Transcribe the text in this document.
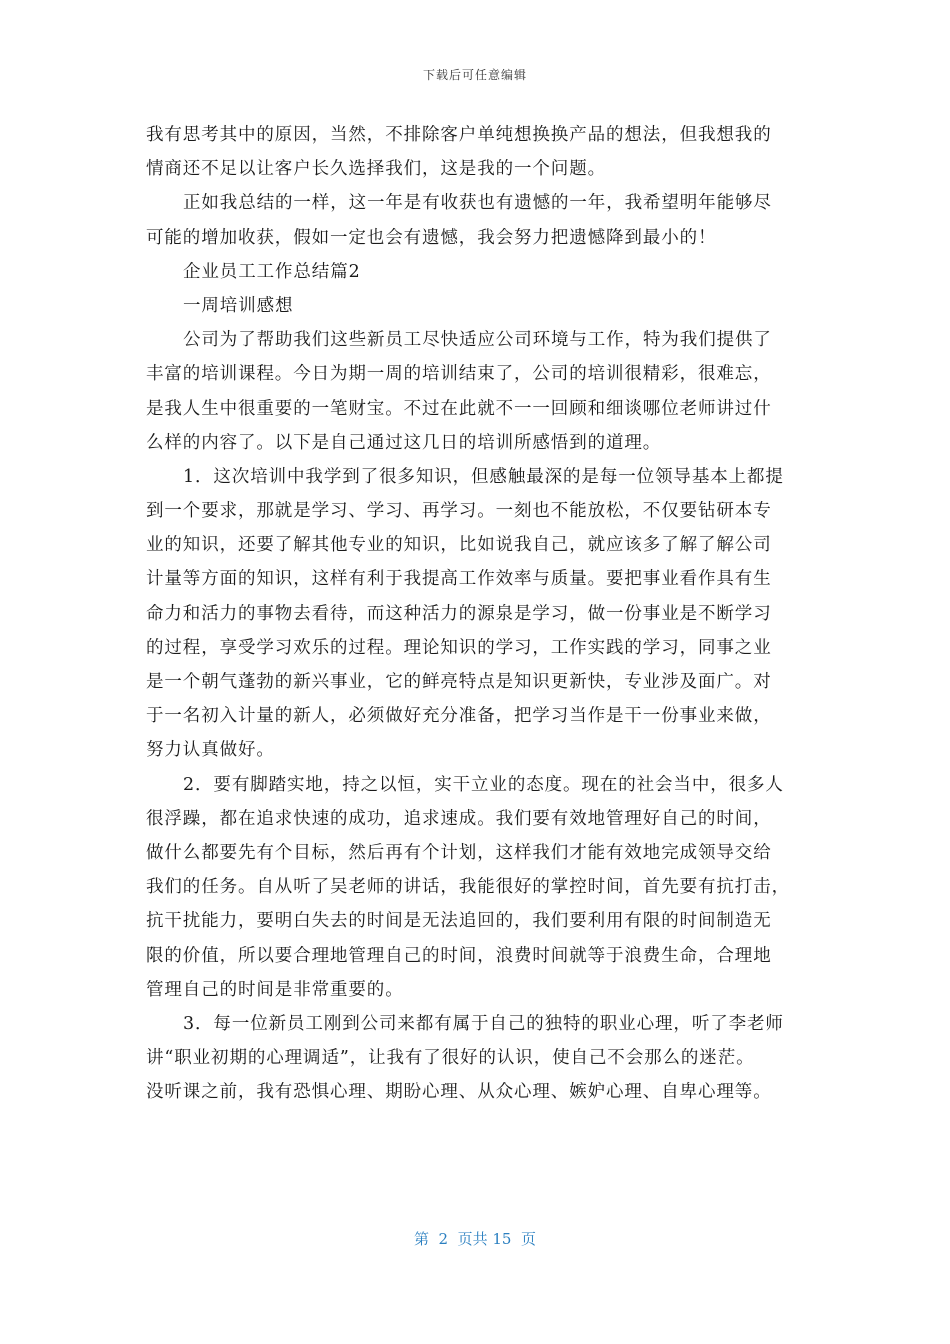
下载后可任意编辑
我有思考其中的原因，当然，不排除客户单纯想换换产品的想法，但我想我的
情商还不足以让客户长久选择我们，这是我的一个问题。
正如我总结的一样，这一年是有收获也有遗憾的一年，我希望明年能够尽
可能的增加收获，假如一定也会有遗憾，我会努力把遗憾降到最小的！
企业员工工作总结篇2
一周培训感想
公司为了帮助我们这些新员工尽快适应公司环境与工作，特为我们提供了
丰富的培训课程。今日为期一周的培训结束了，公司的培训很精彩，很难忘，
是我人生中很重要的一笔财宝。不过在此就不一一回顾和细谈哪位老师讲过什
么样的内容了。以下是自己通过这几日的培训所感悟到的道理。
1．这次培训中我学到了很多知识，但感触最深的是每一位领导基本上都提
到一个要求，那就是学习、学习、再学习。一刻也不能放松，不仅要钻研本专
业的知识，还要了解其他专业的知识，比如说我自己，就应该多了解了解公司
计量等方面的知识，这样有利于我提高工作效率与质量。要把事业看作具有生
命力和活力的事物去看待，而这种活力的源泉是学习，做一份事业是不断学习
的过程，享受学习欢乐的过程。理论知识的学习，工作实践的学习，同事之业
是一个朝气蓬勃的新兴事业，它的鲜亮特点是知识更新快，专业涉及面广。对
于一名初入计量的新人，必须做好充分准备，把学习当作是干一份事业来做，
努力认真做好。
2．要有脚踏实地，持之以恒，实干立业的态度。现在的社会当中，很多人
很浮躁，都在追求快速的成功，追求速成。我们要有效地管理好自己的时间，
做什么都要先有个目标，然后再有个计划，这样我们才能有效地完成领导交给
我们的任务。自从听了吴老师的讲话，我能很好的掌控时间，首先要有抗打击，
抗干扰能力，要明白失去的时间是无法追回的，我们要利用有限的时间制造无
限的价值，所以要合理地管理自己的时间，浪费时间就等于浪费生命，合理地
管理自己的时间是非常重要的。
3．每一位新员工刚到公司来都有属于自己的独特的职业心理，听了李老师
讲“职业初期的心理调适”，让我有了很好的认识，使自己不会那么的迷茫。
没听课之前，我有恐惧心理、期盼心理、从众心理、嫉妒心理、自卑心理等。
第  2  页共 15  页
